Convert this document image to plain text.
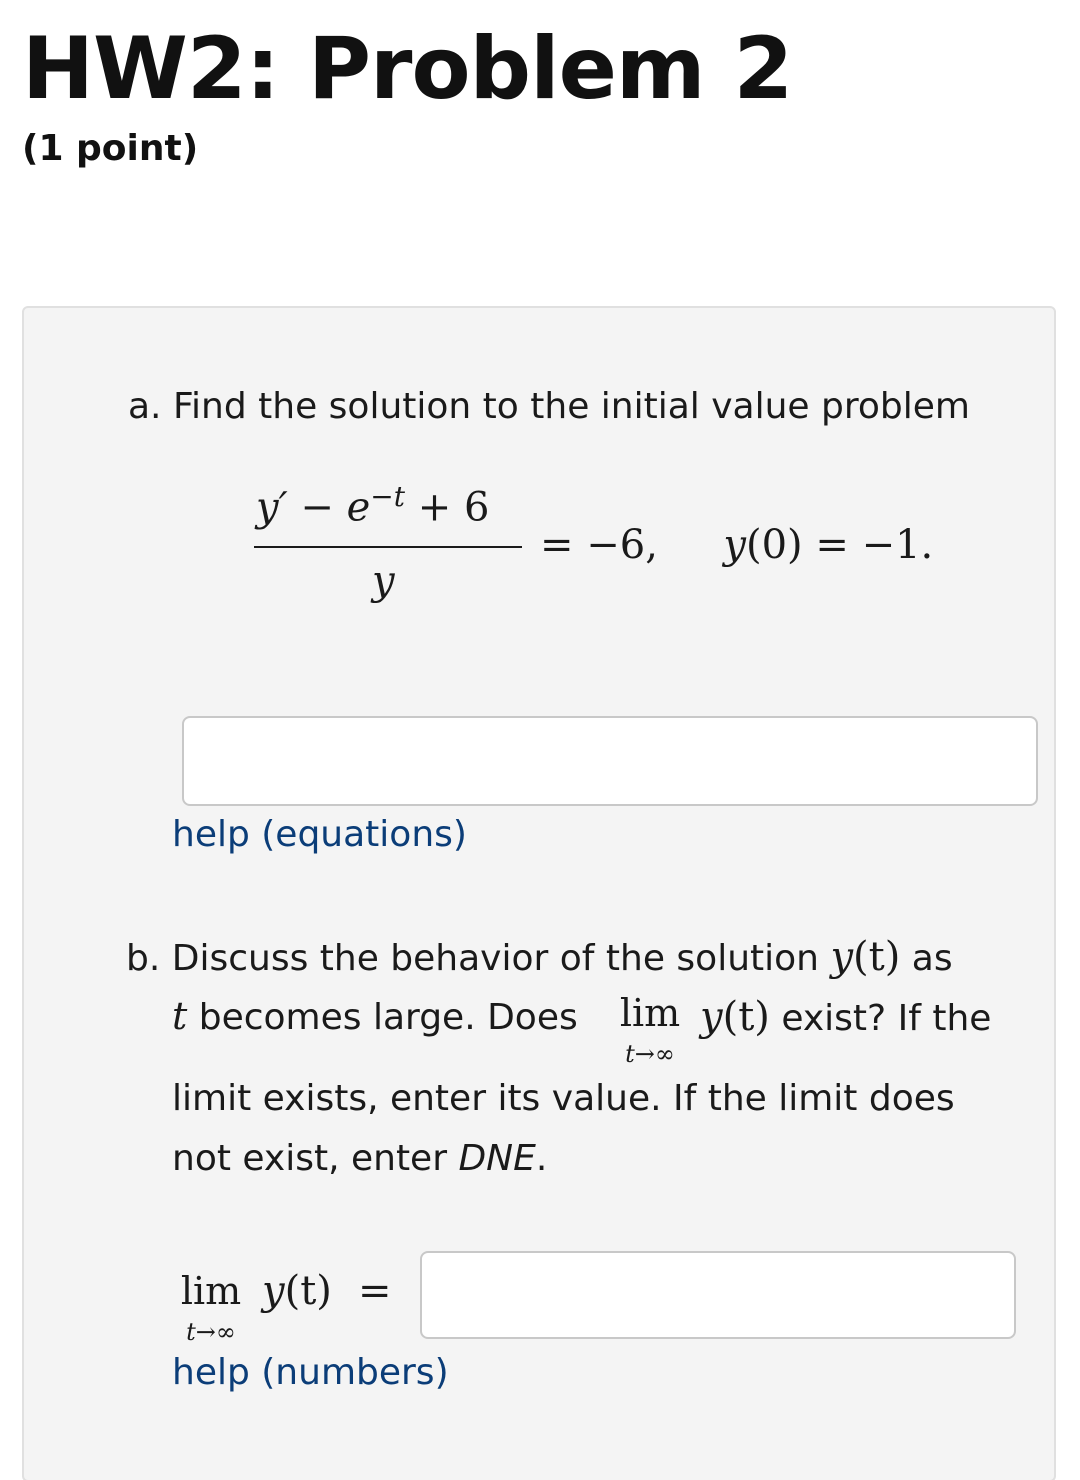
HW2: Problem 2
(1 point)
a. Find the solution to the initial value problem
$y' - e^{-t} + 6$
y
= −6, y(0) = −1.
help (equations)
b. Discuss the behavior of the solution y(t) as
t becomes large. Does	lim
t→∞
y(t) exist? If the
limit exists, enter its value. If the limit does
not exist, enter DNE.
lim
t→∞
y(t) =
help (numbers)
